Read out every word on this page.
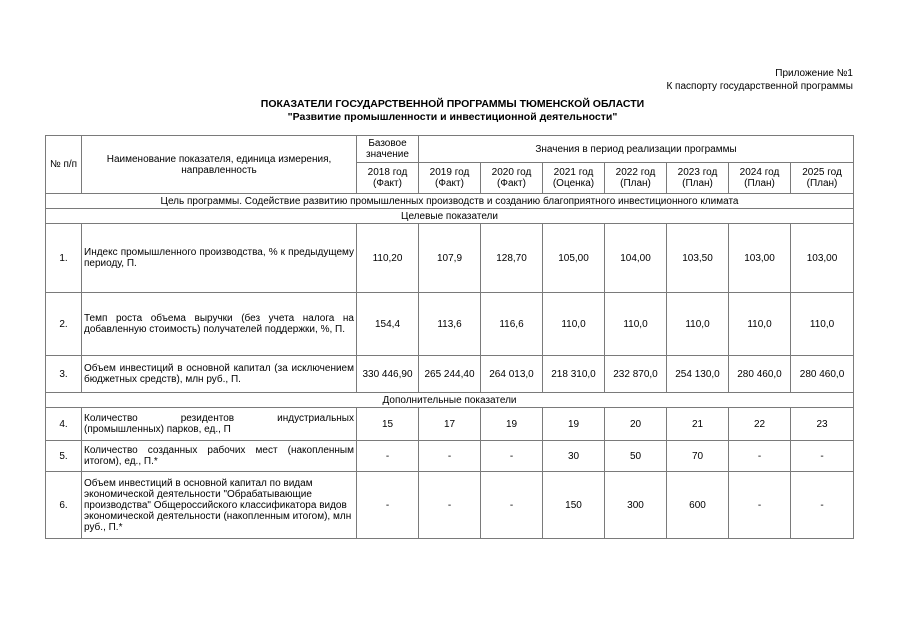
Приложение №1
К паспорту государственной программы
ПОКАЗАТЕЛИ ГОСУДАРСТВЕННОЙ ПРОГРАММЫ ТЮМЕНСКОЙ ОБЛАСТИ
"Развитие промышленности и инвестиционной деятельности"
№ п/п	Наименование показателя, единица измерения, направленность	Базовое значение	Значения в период реализации программы						
		2018 год (Факт)	2019 год (Факт)	2020 год (Факт)	2021 год (Оценка)	2022 год (План)	2023 год (План)	2024 год (План)	2025 год (План)
Цель программы. Содействие развитию промышленных производств и созданию благоприятного инвестиционного климата									
Целевые показатели									
1.	Индекс промышленного производства, % к предыдущему периоду, П.	110,20	107,9	128,70	105,00	104,00	103,50	103,00	103,00
2.	Темп роста объема выручки (без учета налога на добавленную стоимость) получателей поддержки, %, П.	154,4	113,6	116,6	110,0	110,0	110,0	110,0	110,0
3.	Объем инвестиций в основной капитал (за исключением бюджетных средств), млн руб., П.	330 446,90	265 244,40	264 013,0	218 310,0	232 870,0	254 130,0	280 460,0	280 460,0
Дополнительные показатели									
4.	Количество резидентов индустриальных (промышленных) парков, ед., П	15	17	19	19	20	21	22	23
5.	Количество созданных рабочих мест (накопленным итогом), ед., П.*	-	-	-	30	50	70	-	-
6.	Объем инвестиций в основной капитал по видам экономической деятельности "Обрабатывающие производства" Общероссийского классификатора видов экономической деятельности (накопленным итогом), млн руб., П.*	-	-	-	150	300	600	-	-
